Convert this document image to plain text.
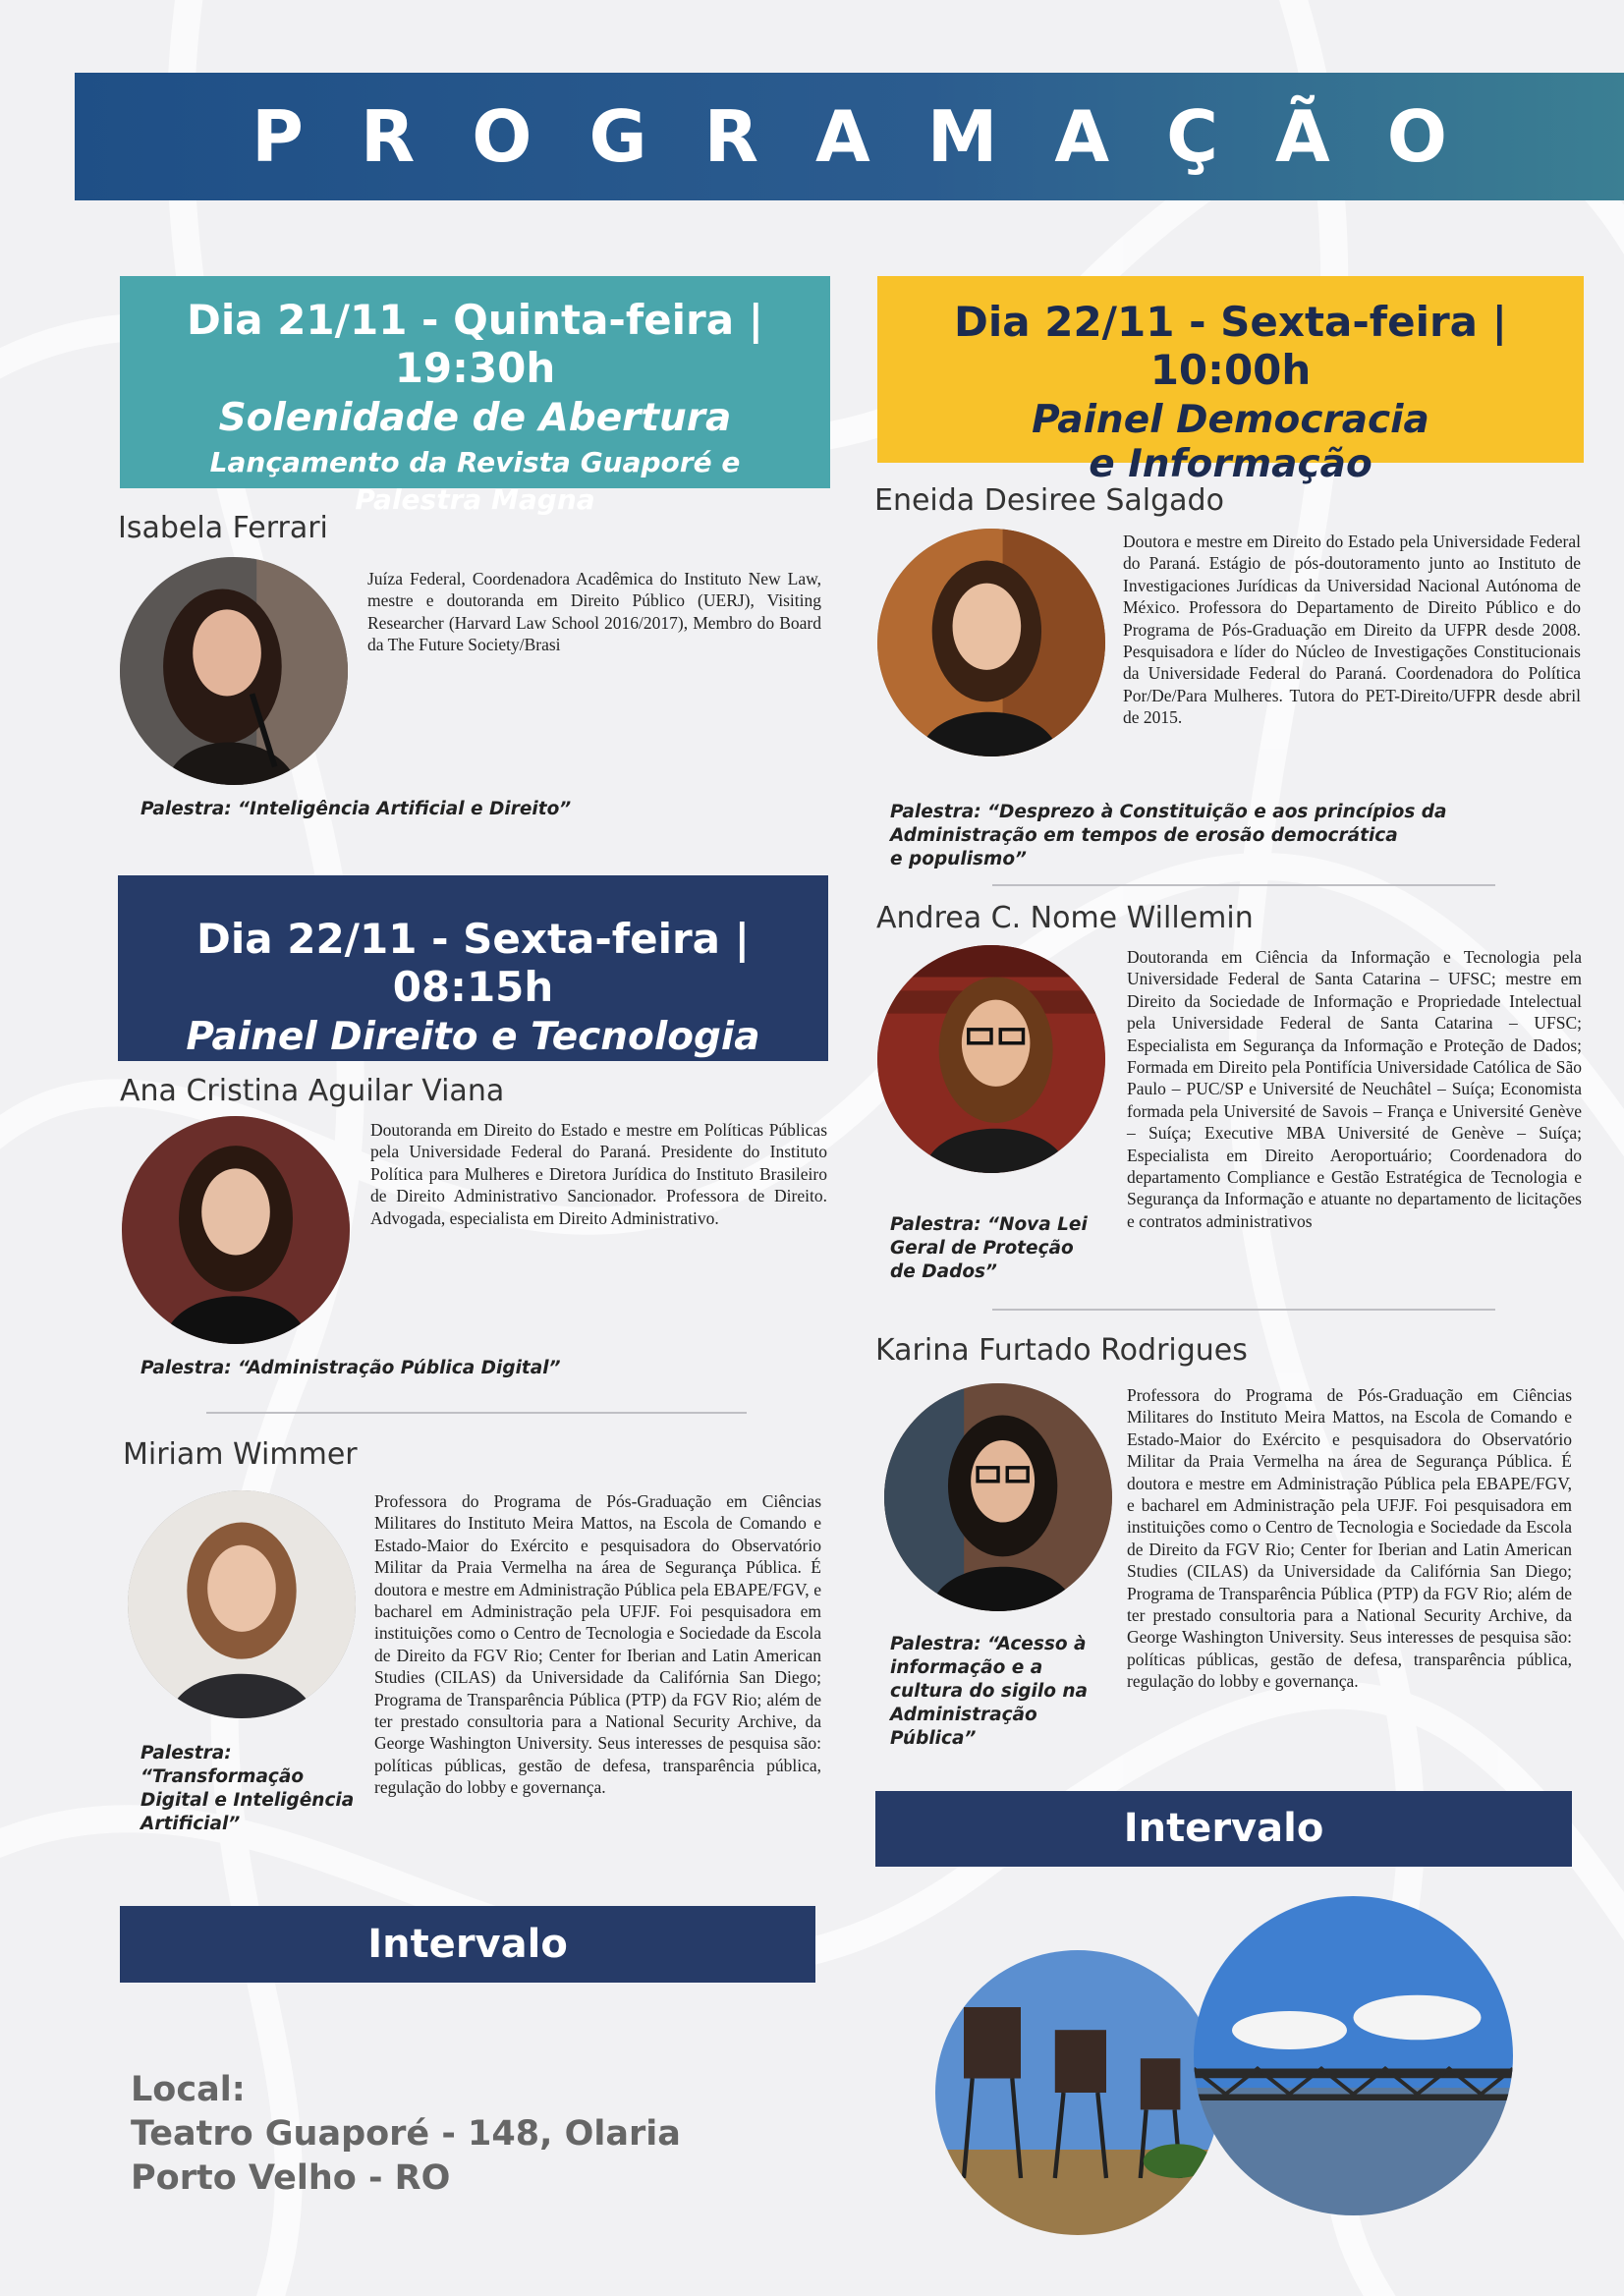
PROGRAMAÇÃO
Dia 21/11 - Quinta-feira | 19:30h
Solenidade de Abertura
Lançamento da Revista Guaporé e
Palestra Magna
Isabela Ferrari
Juíza Federal, Coordenadora Acadêmica do Instituto New Law, mestre e doutoranda em Direito Público (UERJ), Visiting Researcher (Harvard Law School 2016/2017), Membro do Board da The Future Society/Brasi
Palestra: “Inteligência Artificial e Direito”
Dia 22/11 - Sexta-feira | 08:15h
Painel Direito e Tecnologia
Ana Cristina Aguilar Viana
Doutoranda em Direito do Estado e mestre em Políticas Públicas pela Universidade Federal do Paraná. Presidente do Instituto Política para Mulheres e Diretora Jurídica do Instituto Brasileiro de Direito Administrativo Sancionador. Professora de Direito. Advogada, especialista em Direito Administrativo.
Palestra: “Administração Pública Digital”
Miriam Wimmer
Professora do Programa de Pós-Graduação em Ciências Militares do Instituto Meira Mattos, na Escola de Comando e Estado-Maior do Exército e pesquisadora do Observatório Militar da Praia Vermelha na área de Segurança Pública. É doutora e mestre em Administração Pública pela EBAPE/FGV, e bacharel em Administração pela UFJF. Foi pesquisadora em instituições como o Centro de Tecnologia e Sociedade da Escola de Direito da FGV Rio; Center for Iberian and Latin American Studies (CILAS) da Universidade da Califórnia San Diego; Programa de Transparência Pública (PTP) da FGV Rio; além de ter prestado consultoria para a National Security Archive, da George Washington University. Seus interesses de pesquisa são: políticas públicas, gestão de defesa, transparência pública, regulação do lobby e governança.
Palestra:
“Transformação
Digital e Inteligência
Artificial”
Intervalo
Local:
Teatro Guaporé - 148, Olaria
Porto Velho - RO
Dia 22/11 - Sexta-feira | 10:00h
Painel Democracia
e Informação
Eneida Desiree Salgado
Doutora e mestre em Direito do Estado pela Universidade Federal do Paraná. Estágio de pós-doutoramento junto ao Instituto de Investigaciones Jurídicas da Universidad Nacional Autónoma de México. Professora do Departamento de Direito Público e do Programa de Pós-Graduação em Direito da UFPR desde 2008. Pesquisadora e líder do Núcleo de Investigações Constitucionais da Universidade Federal do Paraná. Coordenadora do Política Por/De/Para Mulheres. Tutora do PET-Direito/UFPR desde abril de 2015.
Palestra: “Desprezo à Constituição e aos princípios da
Administração em tempos de erosão democrática
e populismo”
Andrea C. Nome Willemin
Doutoranda em Ciência da Informação e Tecnologia pela Universidade Federal de Santa Catarina – UFSC; mestre em Direito da Sociedade de Informação e Propriedade Intelectual pela Universidade Federal de Santa Catarina – UFSC; Especialista em Segurança da Informação e Proteção de Dados; Formada em Direito pela Pontifícia Universidade Católica de São Paulo – PUC/SP e Université de Neuchâtel – Suíça; Economista formada pela Université de Savois – França e Université Genève – Suíça; Executive MBA Université de Genève – Suíça; Especialista em Direito Aeroportuário; Coordenadora do departamento Compliance e Gestão Estratégica de Tecnologia e Segurança da Informação e atuante no departamento de licitações e contratos administrativos
Palestra: “Nova Lei
Geral de Proteção
de Dados”
Karina Furtado Rodrigues
Professora do Programa de Pós-Graduação em Ciências Militares do Instituto Meira Mattos, na Escola de Comando e Estado-Maior do Exército e pesquisadora do Observatório Militar da Praia Vermelha na área de Segurança Pública. É doutora e mestre em Administração Pública pela EBAPE/FGV, e bacharel em Administração pela UFJF. Foi pesquisadora em instituições como o Centro de Tecnologia e Sociedade da Escola de Direito da FGV Rio; Center for Iberian and Latin American Studies (CILAS) da Universidade da Califórnia San Diego; Programa de Transparência Pública (PTP) da FGV Rio; além de ter prestado consultoria para a National Security Archive, da George Washington University. Seus interesses de pesquisa são: políticas públicas, gestão de defesa, transparência pública, regulação do lobby e governança.
Palestra: “Acesso à
informação e a
cultura do sigilo na
Administração Pública”
Intervalo
